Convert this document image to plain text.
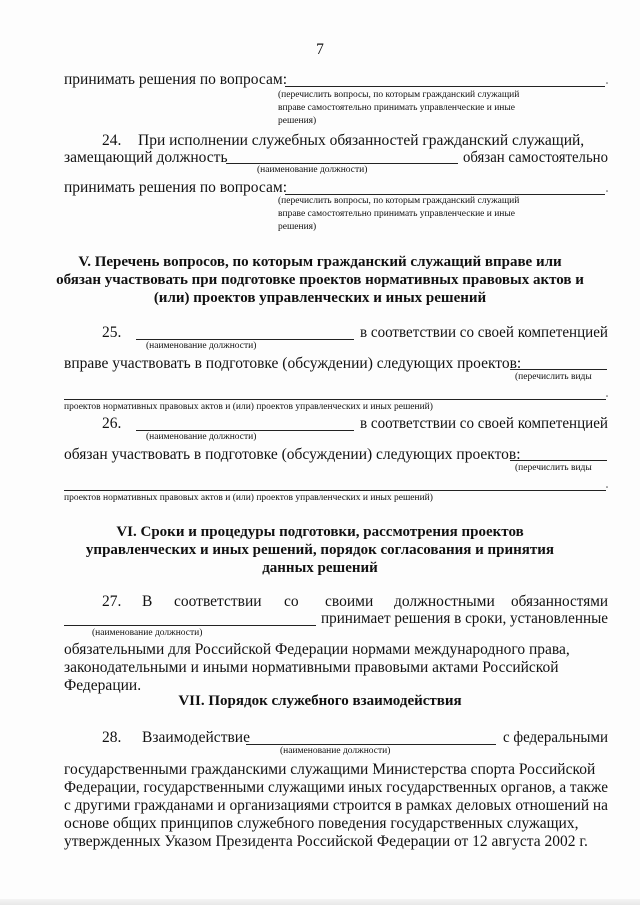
7
принимать решения по вопросам:	.
(перечислить вопросы, по которым гражданский служащий
вправе самостоятельно принимать управленческие и иные
решения)
24. При исполнении служебных обязанностей гражданский служащий,
замещающий должность	обязан самостоятельно
(наименование должности)
принимать решения по вопросам:	.
(перечислить вопросы, по которым гражданский служащий
вправе самостоятельно принимать управленческие и иные
решения)
V. Перечень вопросов, по которым гражданский служащий вправе или
обязан участвовать при подготовке проектов нормативных правовых актов и
(или) проектов управленческих и иных решений
25.	в соответствии со своей компетенцией
(наименование должности)
вправе участвовать в подготовке (обсуждении) следующих проектов:
(перечислить виды
.
проектов нормативных правовых актов и (или) проектов управленческих и иных решений)
26.	в соответствии со своей компетенцией
(наименование должности)
обязан участвовать в подготовке (обсуждении) следующих проектов:
(перечислить виды
.
проектов нормативных правовых актов и (или) проектов управленческих и иных решений)
VI. Сроки и процедуры подготовки, рассмотрения проектов
управленческих и иных решений, порядок согласования и принятия
данных решений
27. В соответствии со своими должностными обязанностями
принимает решения в сроки, установленные
(наименование должности)
обязательными для Российской Федерации нормами международного права,
законодательными и иными нормативными правовыми актами Российской
Федерации.
VII. Порядок служебного взаимодействия
28. Взаимодействие	с федеральными
(наименование должности)
государственными гражданскими служащими Министерства спорта Российской
Федерации, государственными служащими иных государственных органов, а также
с другими гражданами и организациями строится в рамках деловых отношений на
основе общих принципов служебного поведения государственных служащих,
утвержденных Указом Президента Российской Федерации от 12 августа 2002 г.
